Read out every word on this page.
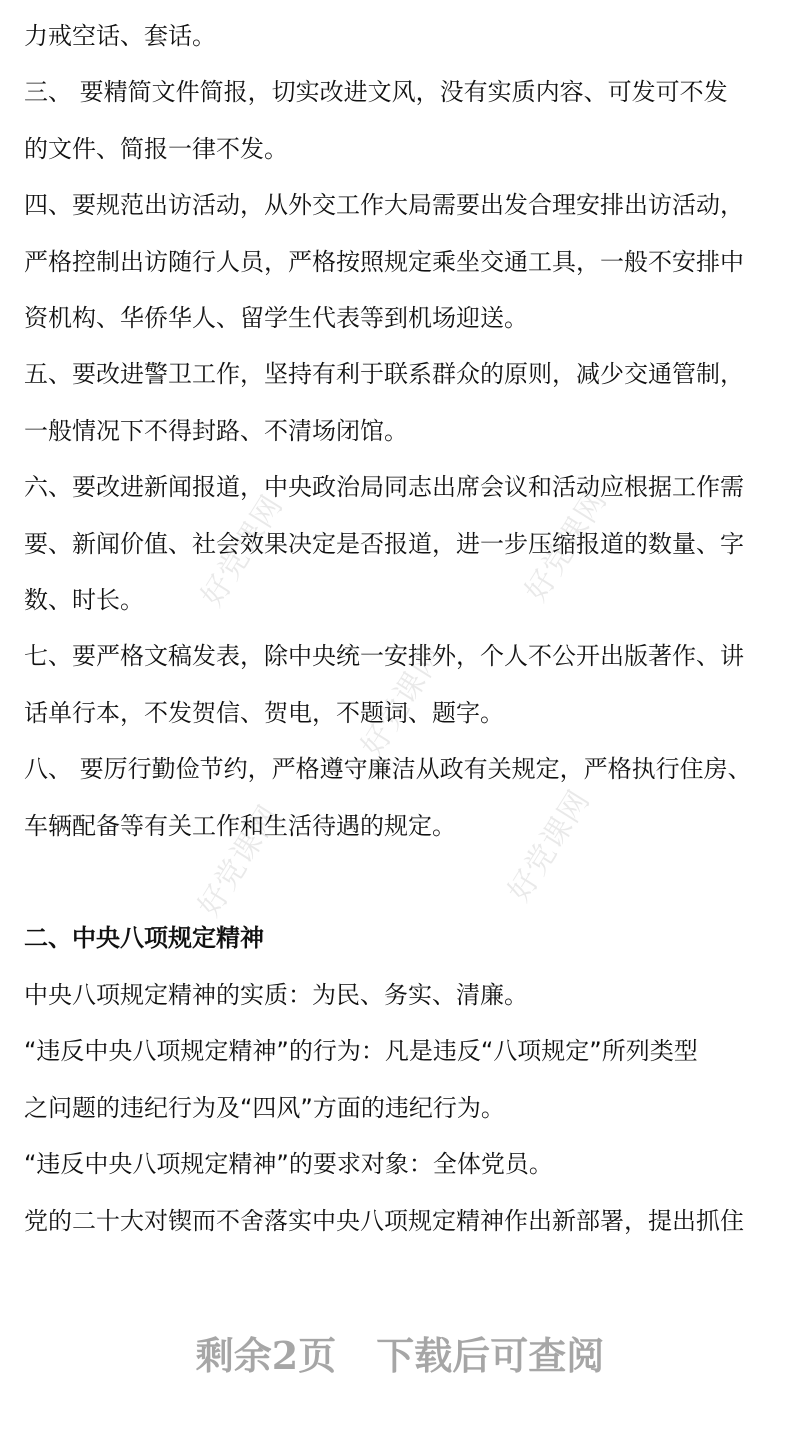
好党课网	好党课网
好党课网
好党课网	好党课网
力戒空话、套话。
三、 要精简文件简报，切实改进文风，没有实质内容、可发可不发
的文件、简报一律不发。
四、要规范出访活动，从外交工作大局需要出发合理安排出访活动，
严格控制出访随行人员，严格按照规定乘坐交通工具，一般不安排中
资机构、华侨华人、留学生代表等到机场迎送。
五、要改进警卫工作，坚持有利于联系群众的原则，减少交通管制，
一般情况下不得封路、不清场闭馆。
六、要改进新闻报道，中央政治局同志出席会议和活动应根据工作需
要、新闻价值、社会效果决定是否报道，进一步压缩报道的数量、字
数、时长。
七、要严格文稿发表，除中央统一安排外，个人不公开出版著作、讲
话单行本，不发贺信、贺电，不题词、题字。
八、 要厉行勤俭节约，严格遵守廉洁从政有关规定，严格执行住房、
车辆配备等有关工作和生活待遇的规定。
二、中央八项规定精神
中央八项规定精神的实质：为民、务实、清廉。
“违反中央八项规定精神”的行为：凡是违反“八项规定”所列类型
之问题的违纪行为及“四风”方面的违纪行为。
“违反中央八项规定精神”的要求对象：全体党员。
党的二十大对锲而不舍落实中央八项规定精神作出新部署，提出抓住
剩余2页 下载后可查阅
